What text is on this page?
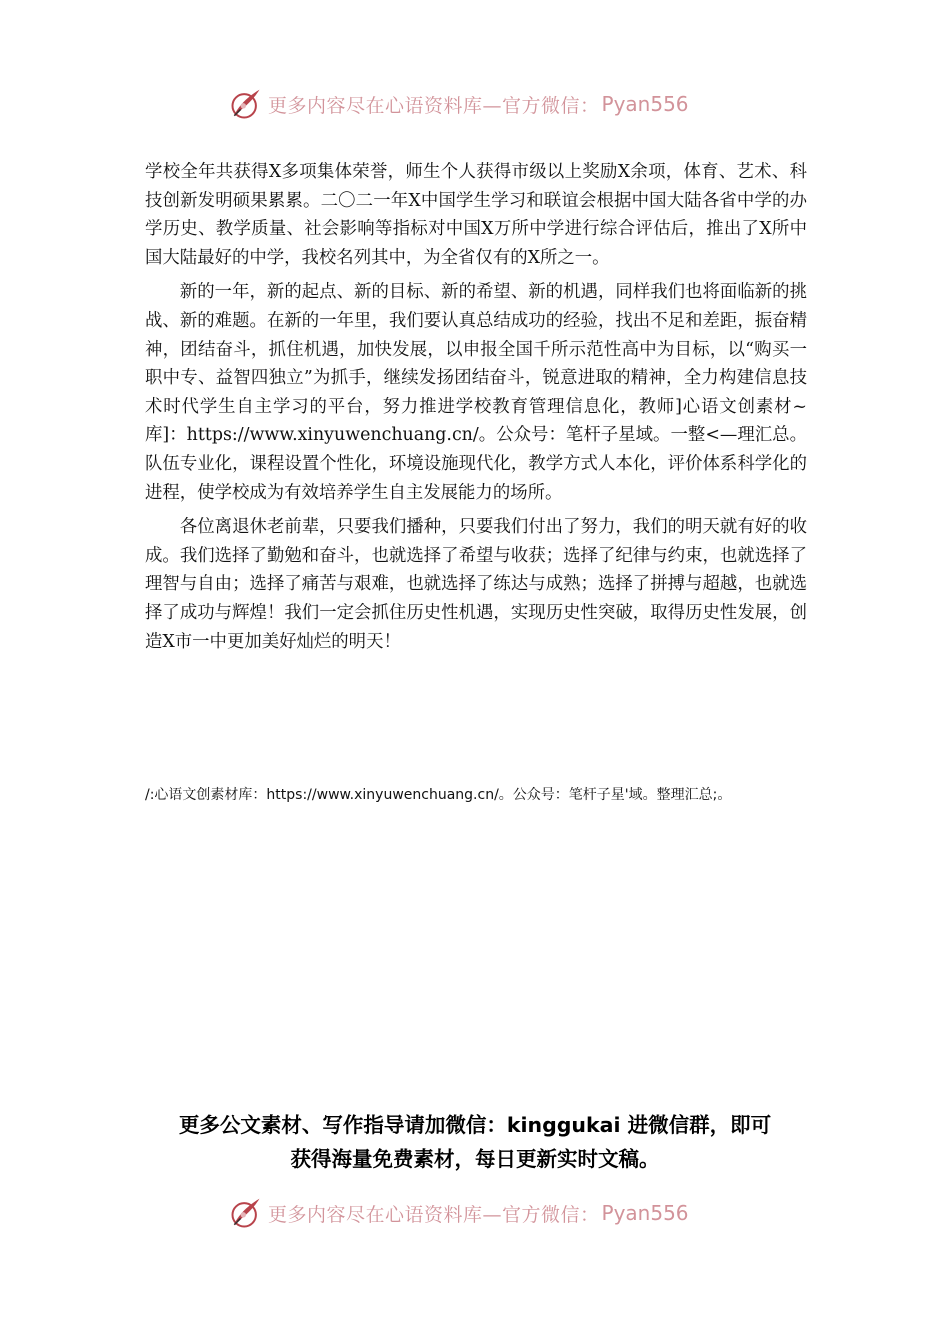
更多内容尽在心语资料库—官方微信： Pyan556

学校全年共获得X多项集体荣誉，师生个人获得市级以上奖励X余项，体育、艺术、科技创新发明硕果累累。二〇二一年X中国学生学习和联谊会根据中国大陆各省中学的办学历史、教学质量、社会影响等指标对中国X万所中学进行综合评估后，推出了X所中国大陆最好的中学，我校名列其中，为全省仅有的X所之一。

新的一年，新的起点、新的目标、新的希望、新的机遇，同样我们也将面临新的挑战、新的难题。在新的一年里，我们要认真总结成功的经验，找出不足和差距，振奋精神，团结奋斗，抓住机遇，加快发展，以申报全国千所示范性高中为目标，以“购买一职中专、益智四独立”为抓手，继续发扬团结奋斗，锐意进取的精神，全力构建信息技术时代学生自主学习的平台，努力推进学校教育管理信息化，教师]心语文创素材~库]：https://www.xinyuwenchuang.cn/。公众号：笔杆子星域。一整<—理汇总。队伍专业化，课程设置个性化，环境设施现代化，教学方式人本化，评价体系科学化的进程，使学校成为有效培养学生自主发展能力的场所。

各位离退休老前辈，只要我们播种，只要我们付出了努力，我们的明天就有好的收成。我们选择了勤勉和奋斗，也就选择了希望与收获；选择了纪律与约束，也就选择了理智与自由；选择了痛苦与艰难，也就选择了练达与成熟；选择了拼搏与超越，也就选择了成功与辉煌！我们一定会抓住历史性机遇，实现历史性突破，取得历史性发展，创造X市一中更加美好灿烂的明天！

/:心语文创素材库：https://www.xinyuwenchuang.cn/。公众号：笔杆子星'域。整理汇总;。
更多公文素材、写作指导请加微信：kinggukai 进微信群，即可
获得海量免费素材，每日更新实时文稿。
更多内容尽在心语资料库—官方微信： Pyan556
